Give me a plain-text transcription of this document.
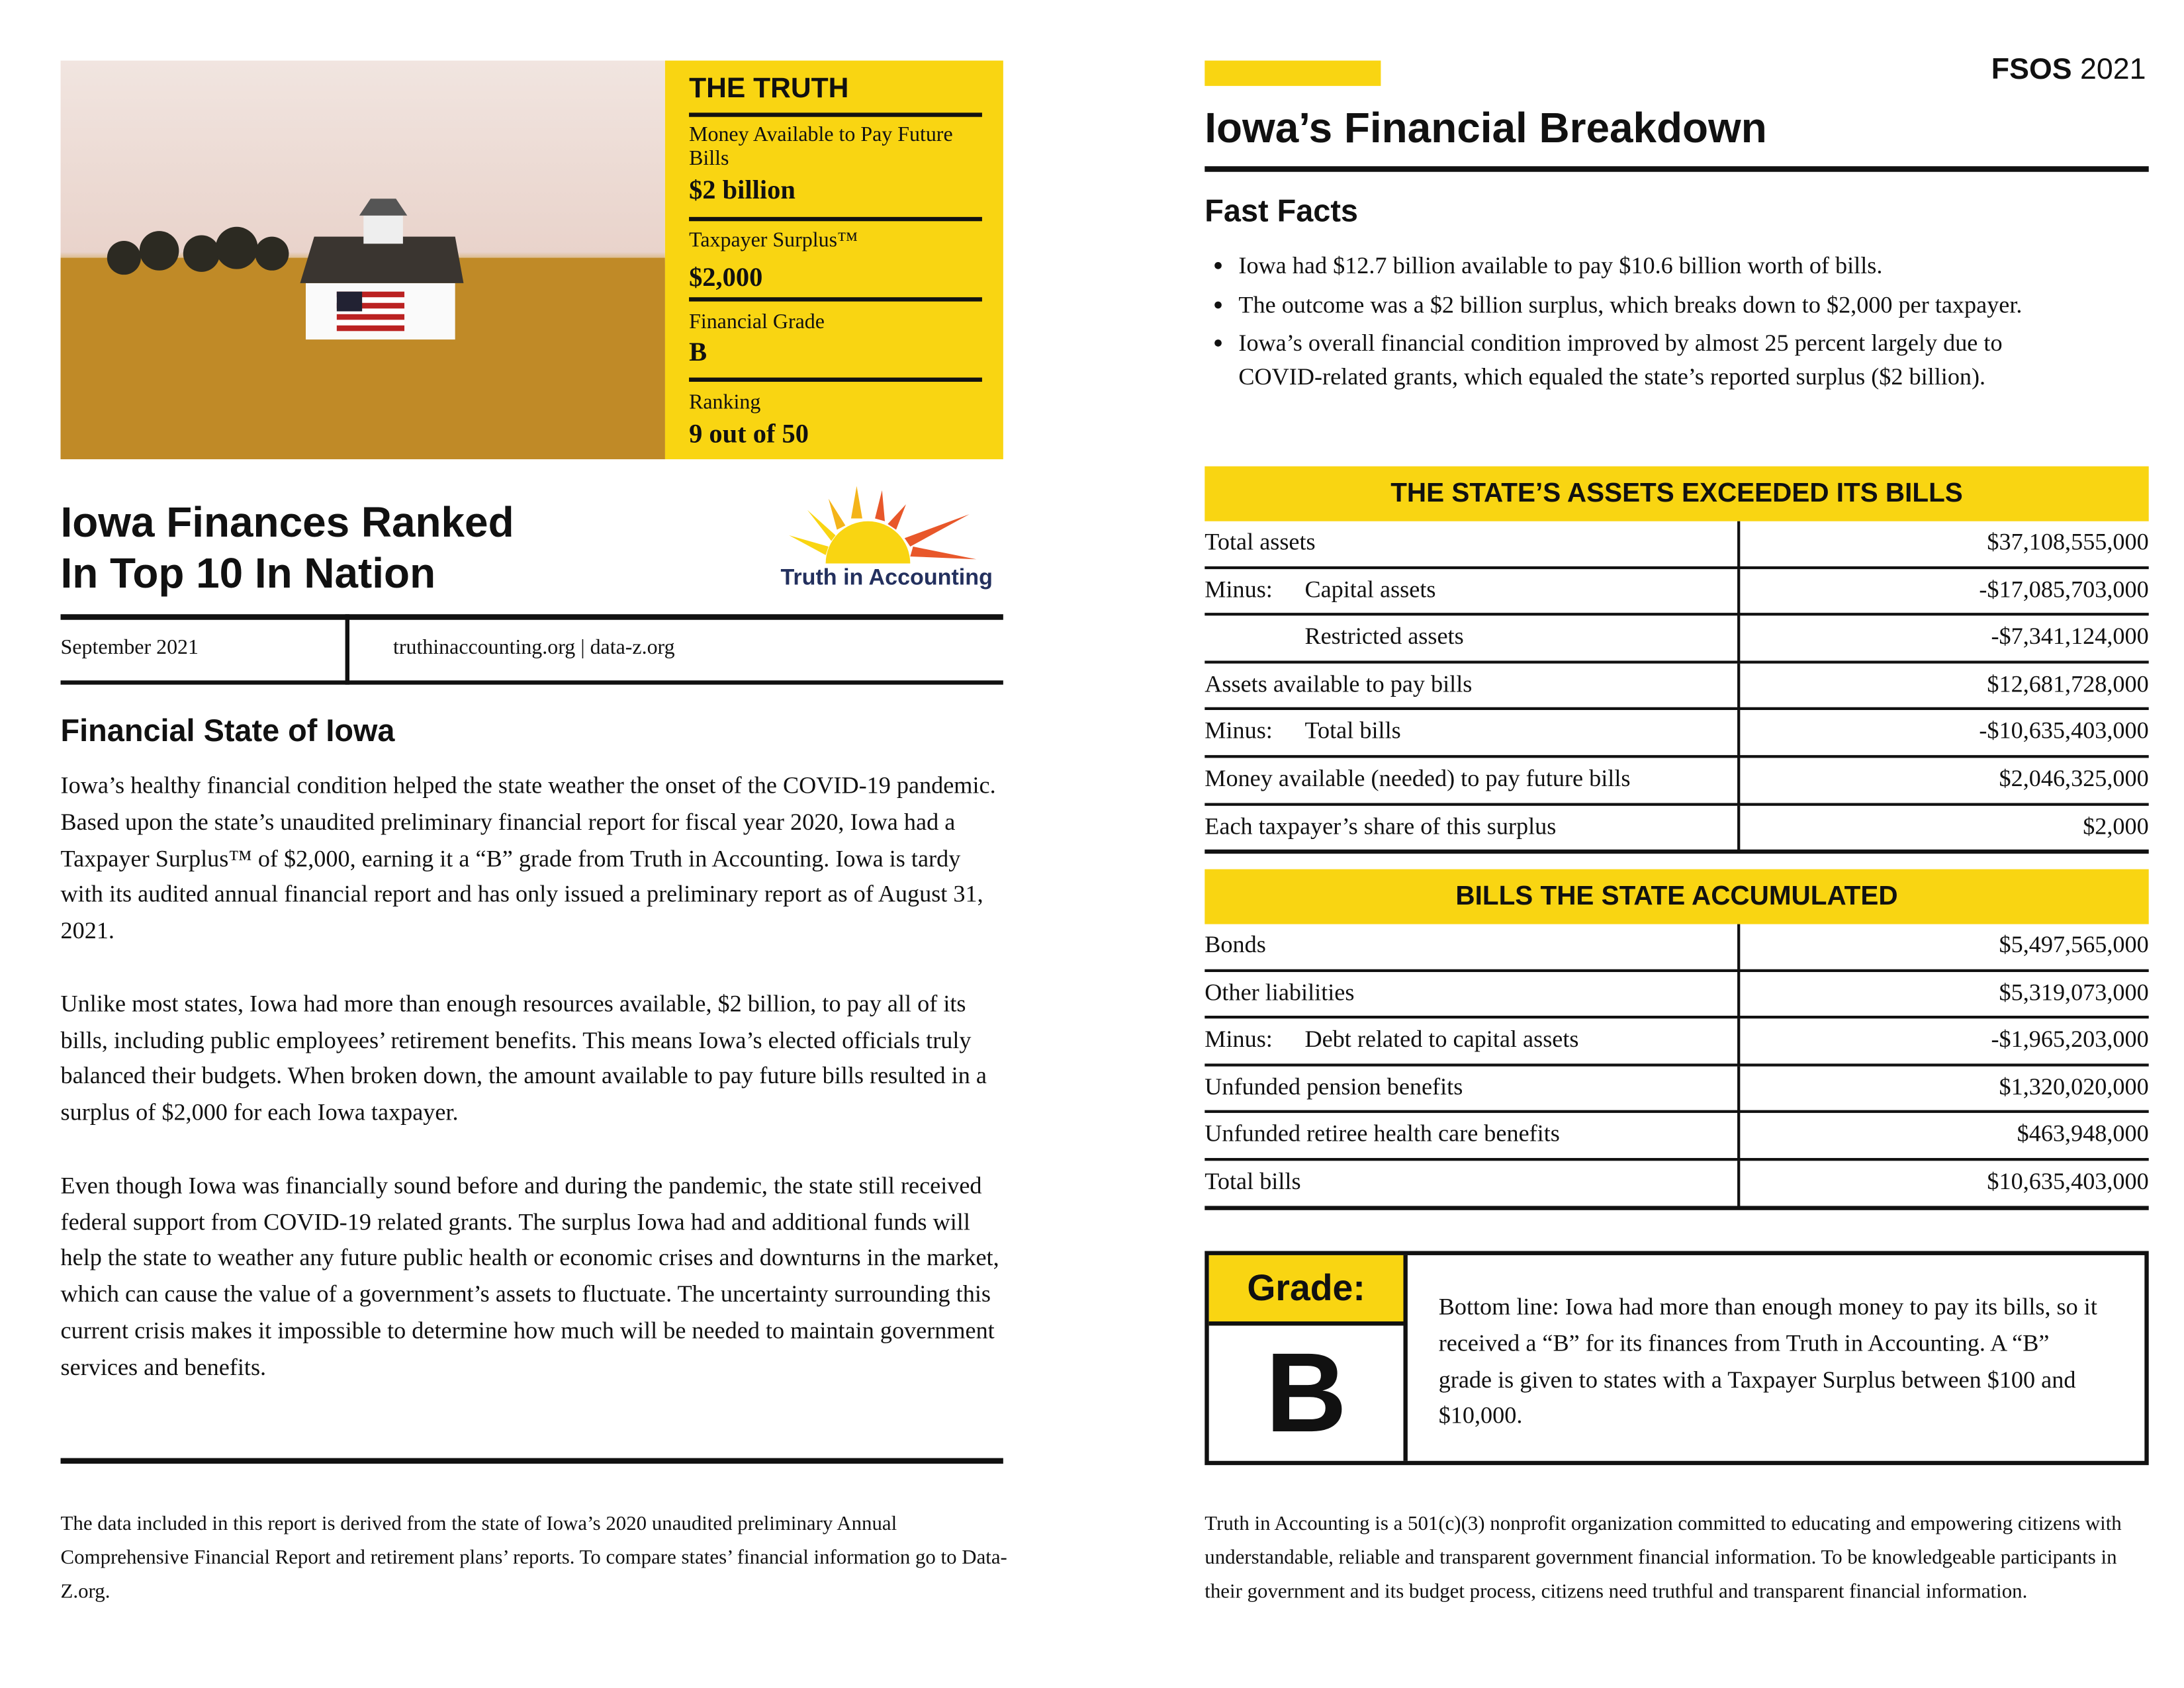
THE TRUTH
Money Available to Pay Future Bills
$2 billion
Taxpayer Surplus™
$2,000
Financial Grade
B
Ranking
9 out of 50
Iowa Finances Ranked
In Top 10 In Nation	Truth in Accounting
September 2021	truthinaccounting.org | data-z.org
Financial State of Iowa

Iowa’s healthy financial condition helped the state weather the onset of the COVID-19 pandemic. Based upon the state’s unaudited preliminary financial report for fiscal year 2020, Iowa had a Taxpayer Surplus™ of $2,000, earning it a “B” grade from Truth in Accounting. Iowa is tardy with its audited annual financial report and has only issued a preliminary report as of August 31, 2021.

Unlike most states, Iowa had more than enough resources available, $2 billion, to pay all of its bills, including public employees’ retirement benefits. This means Iowa’s elected officials truly balanced their budgets. When broken down, the amount available to pay future bills resulted in a surplus of $2,000 for each Iowa taxpayer.

Even though Iowa was financially sound before and during the pandemic, the state still received federal support from COVID-19 related grants. The surplus Iowa had and additional funds will help the state to weather any future public health or economic crises and downturns in the market, which can cause the value of a government’s assets to fluctuate. The uncertainty surrounding this current crisis makes it impossible to determine how much will be needed to maintain government services and benefits.

The data included in this report is derived from the state of Iowa’s 2020 unaudited preliminary Annual Comprehensive Financial Report and retirement plans’ reports. To compare states’ financial information go to Data-Z.org.
FSOS 2021
Iowa’s Financial Breakdown
Fast Facts
• Iowa had $12.7 billion available to pay $10.6 billion worth of bills.
• The outcome was a $2 billion surplus, which breaks down to $2,000 per taxpayer.
• Iowa’s overall financial condition improved by almost 25 percent largely due to COVID-related grants, which equaled the state’s reported surplus ($2 billion).
THE STATE’S ASSETS EXCEEDED ITS BILLS
Total assets	$37,108,555,000
Minus:	Capital assets	-$17,085,703,000
Restricted assets	-$7,341,124,000
Assets available to pay bills	$12,681,728,000
Minus:	Total bills	-$10,635,403,000
Money available (needed) to pay future bills	$2,046,325,000
Each taxpayer’s share of this surplus	$2,000
BILLS THE STATE ACCUMULATED
Bonds	$5,497,565,000
Other liabilities	$5,319,073,000
Minus:	Debt related to capital assets	-$1,965,203,000
Unfunded pension benefits	$1,320,020,000
Unfunded retiree health care benefits	$463,948,000
Total bills	$10,635,403,000
Grade:
B
Bottom line: Iowa had more than enough money to pay its bills, so it received a “B” for its finances from Truth in Accounting. A “B” grade is given to states with a Taxpayer Surplus between $100 and $10,000.
Truth in Accounting is a 501(c)(3) nonprofit organization committed to educating and empowering citizens with understandable, reliable and transparent government financial information. To be knowledgeable participants in their government and its budget process, citizens need truthful and transparent financial information.
